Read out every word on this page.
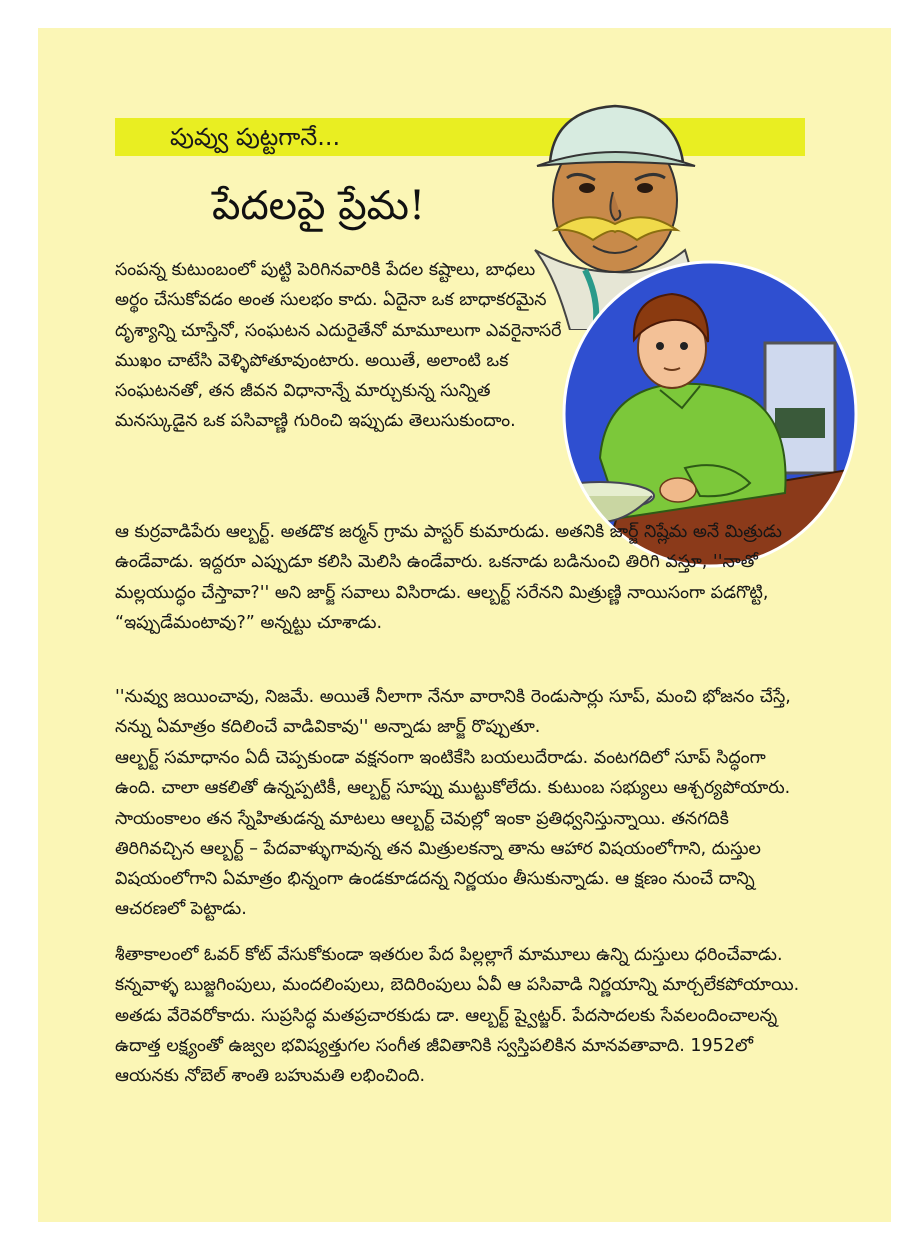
పువ్వు పుట్టగానే...
పేదలపై ప్రేమ!

సంపన్న కుటుంబంలో పుట్టి పెరిగినవారికి పేదల కష్టాలు, బాధలు అర్థం చేసుకోవడం అంత సులభం కాదు. ఏదైనా ఒక బాధాకరమైన దృశ్యాన్ని చూస్తేనో, సంఘటన ఎదురైతేనో మామూలుగా ఎవరైనాసరే ముఖం చాటేసి వెళ్ళిపోతూవుంటారు. అయితే, అలాంటి ఒక సంఘటనతో, తన జీవన విధానాన్నే మార్చుకున్న సున్నిత మనస్కుడైన ఒక పసివాణ్ణి గురించి ఇప్పుడు తెలుసుకుందాం.

ఆ కుర్రవాడిపేరు ఆల్బర్ట్. అతడొక జర్మన్ గ్రామ పాస్టర్ కుమారుడు. అతనికి జార్జ్ నిష్లేమ అనే మిత్రుడు ఉండేవాడు. ఇద్దరూ ఎప్పుడూ కలిసి మెలిసి ఉండేవారు. ఒకనాడు బడినుంచి తిరిగి వస్తూ, ''నాతో మల్లయుద్ధం చేస్తావా?'' అని జార్జ్ సవాలు విసిరాడు. ఆల్బర్ట్ సరేనని మిత్రుణ్ణి నాయిసంగా పడగొట్టి, “ఇప్పుడేమంటావు?” అన్నట్టు చూశాడు.

''నువ్వు జయించావు, నిజమే. అయితే నీలాగా నేనూ వారానికి రెండుసార్లు సూప్, మంచి భోజనం చేస్తే, నన్ను ఏమాత్రం కదిలించే వాడివికావు'' అన్నాడు జార్జ్ రొప్పుతూ.

ఆల్బర్ట్ సమాధానం ఏదీ చెప్పకుండా వక్షనంగా ఇంటికేసి బయలుదేరాడు. వంటగదిలో సూప్ సిద్ధంగా ఉంది. చాలా ఆకలితో ఉన్నప్పటికీ, ఆల్బర్ట్ సూప్ను ముట్టుకోలేదు. కుటుంబ సభ్యులు ఆశ్చర్యపోయారు. సాయంకాలం తన స్నేహితుడన్న మాటలు ఆల్బర్ట్ చెవుల్లో ఇంకా ప్రతిధ్వనిస్తున్నాయి. తనగదికి తిరిగివచ్చిన ఆల్బర్ట్ – పేదవాళ్ళుగావున్న తన మిత్రులకన్నా తాను ఆహార విషయంలోగాని, దుస్తుల విషయంలోగాని ఏమాత్రం భిన్నంగా ఉండకూడదన్న నిర్ణయం తీసుకున్నాడు. ఆ క్షణం నుంచే దాన్ని ఆచరణలో పెట్టాడు.

శీతాకాలంలో ఓవర్ కోట్ వేసుకోకుండా ఇతరుల పేద పిల్లల్లాగే మామూలు ఉన్ని దుస్తులు ధరించేవాడు. కన్నవాళ్ళ బుజ్జగింపులు, మందలింపులు, బెదిరింపులు ఏవీ ఆ పసివాడి నిర్ణయాన్ని మార్చలేకపోయాయి. అతడు వేరెవరోకాదు. సుప్రసిద్ధ మతప్రచారకుడు డా. ఆల్బర్ట్ ష్వైట్జర్. పేదసాదలకు సేవలందించాలన్న ఉదాత్త లక్ష్యంతో ఉజ్వల భవిష్యత్తుగల సంగీత జీవితానికి స్వస్తిపలికిన మానవతావాది. 1952లో ఆయనకు నోబెల్ శాంతి బహుమతి లభించింది.
